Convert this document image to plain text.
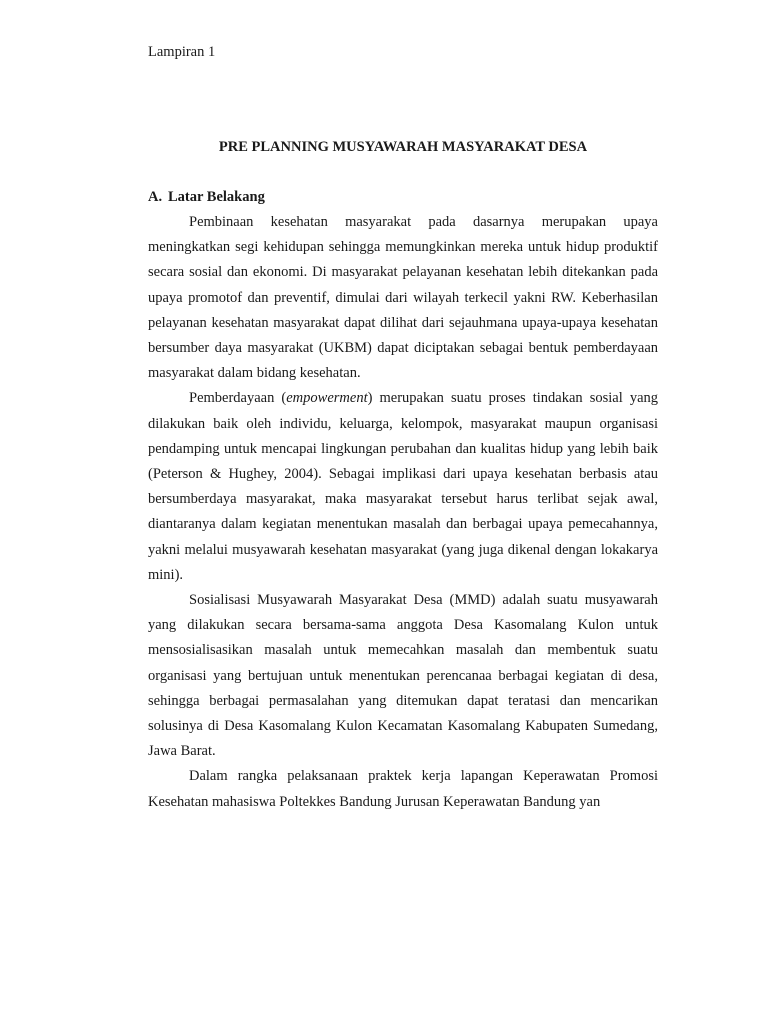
Lampiran 1

PRE PLANNING MUSYAWARAH MASYARAKAT DESA
A. Latar Belakang

Pembinaan kesehatan masyarakat pada dasarnya merupakan upaya meningkatkan segi kehidupan sehingga memungkinkan mereka untuk hidup produktif secara sosial dan ekonomi. Di masyarakat pelayanan kesehatan lebih ditekankan pada upaya promotof dan preventif, dimulai dari wilayah terkecil yakni RW. Keberhasilan pelayanan kesehatan masyarakat dapat dilihat dari sejauhmana upaya-upaya kesehatan bersumber daya masyarakat (UKBM) dapat diciptakan sebagai bentuk pemberdayaan masyarakat dalam bidang kesehatan.

Pemberdayaan (empowerment) merupakan suatu proses tindakan sosial yang dilakukan baik oleh individu, keluarga, kelompok, masyarakat maupun organisasi pendamping untuk mencapai lingkungan perubahan dan kualitas hidup yang lebih baik (Peterson & Hughey, 2004). Sebagai implikasi dari upaya kesehatan berbasis atau bersumberdaya masyarakat, maka masyarakat tersebut harus terlibat sejak awal, diantaranya dalam kegiatan menentukan masalah dan berbagai upaya pemecahannya, yakni melalui musyawarah kesehatan masyarakat (yang juga dikenal dengan lokakarya mini).

Sosialisasi Musyawarah Masyarakat Desa (MMD) adalah suatu musyawarah yang dilakukan secara bersama-sama anggota Desa Kasomalang Kulon untuk mensosialisasikan masalah untuk memecahkan masalah dan membentuk suatu organisasi yang bertujuan untuk menentukan perencanaa berbagai kegiatan di desa, sehingga berbagai permasalahan yang ditemukan dapat teratasi dan mencarikan solusinya di Desa Kasomalang Kulon Kecamatan Kasomalang Kabupaten Sumedang, Jawa Barat.

Dalam rangka pelaksanaan praktek kerja lapangan Keperawatan Promosi Kesehatan mahasiswa Poltekkes Bandung Jurusan Keperawatan Bandung yan
